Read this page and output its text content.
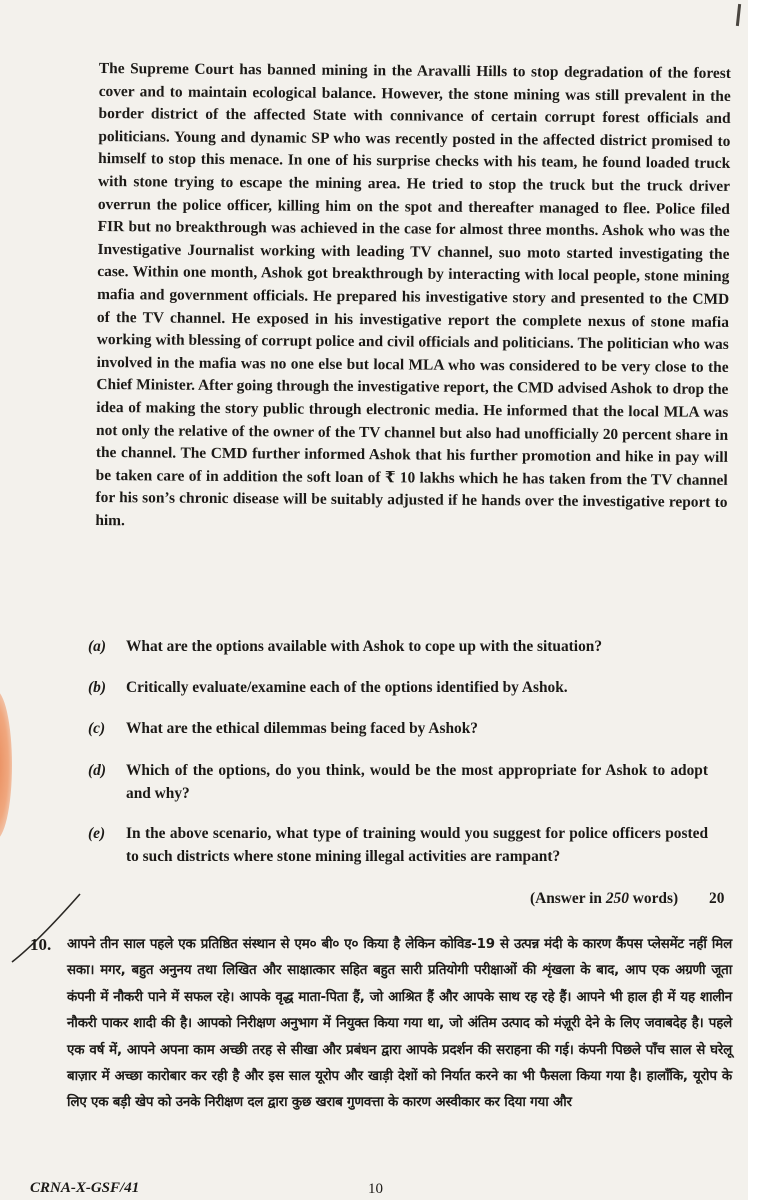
The Supreme Court has banned mining in the Aravalli Hills to stop degradation of the forest cover and to maintain ecological balance. However, the stone mining was still prevalent in the border district of the affected State with connivance of certain corrupt forest officials and politicians. Young and dynamic SP who was recently posted in the affected district promised to himself to stop this menace. In one of his surprise checks with his team, he found loaded truck with stone trying to escape the mining area. He tried to stop the truck but the truck driver overrun the police officer, killing him on the spot and thereafter managed to flee. Police filed FIR but no breakthrough was achieved in the case for almost three months. Ashok who was the Investigative Journalist working with leading TV channel, suo moto started investigating the case. Within one month, Ashok got breakthrough by interacting with local people, stone mining mafia and government officials. He prepared his investigative story and presented to the CMD of the TV channel. He exposed in his investigative report the complete nexus of stone mafia working with blessing of corrupt police and civil officials and politicians. The politician who was involved in the mafia was no one else but local MLA who was considered to be very close to the Chief Minister. After going through the investigative report, the CMD advised Ashok to drop the idea of making the story public through electronic media. He informed that the local MLA was not only the relative of the owner of the TV channel but also had unofficially 20 percent share in the channel. The CMD further informed Ashok that his further promotion and hike in pay will be taken care of in addition the soft loan of ₹ 10 lakhs which he has taken from the TV channel for his son’s chronic disease will be suitably adjusted if he hands over the investigative report to him.

(a)	What are the options available with Ashok to cope up with the situation?
(b)	Critically evaluate/examine each of the options identified by Ashok.
(c)	What are the ethical dilemmas being faced by Ashok?
(d)	Which of the options, do you think, would be the most appropriate for Ashok to adopt and why?
(e)	In the above scenario, what type of training would you suggest for police officers posted to such districts where stone mining illegal activities are rampant?
(Answer in 250 words) 20
10. आपने तीन साल पहले एक प्रतिष्ठित संस्थान से एम० बी० ए० किया है लेकिन कोविड-19 से उत्पन्न मंदी के कारण कैंपस प्लेसमेंट नहीं मिल सका। मगर, बहुत अनुनय तथा लिखित और साक्षात्कार सहित बहुत सारी प्रतियोगी परीक्षाओं की शृंखला के बाद, आप एक अग्रणी जूता कंपनी में नौकरी पाने में सफल रहे। आपके वृद्ध माता-पिता हैं, जो आश्रित हैं और आपके साथ रह रहे हैं। आपने भी हाल ही में यह शालीन नौकरी पाकर शादी की है। आपको निरीक्षण अनुभाग में नियुक्त किया गया था, जो अंतिम उत्पाद को मंज़ूरी देने के लिए जवाबदेह है। पहले एक वर्ष में, आपने अपना काम अच्छी तरह से सीखा और प्रबंधन द्वारा आपके प्रदर्शन की सराहना की गई। कंपनी पिछले पाँच साल से घरेलू बाज़ार में अच्छा कारोबार कर रही है और इस साल यूरोप और खाड़ी देशों को निर्यात करने का भी फैसला किया गया है। हालाँकि, यूरोप के लिए एक बड़ी खेप को उनके निरीक्षण दल द्वारा कुछ खराब गुणवत्ता के कारण अस्वीकार कर दिया गया और

CRNA-X-GSF/41	10
